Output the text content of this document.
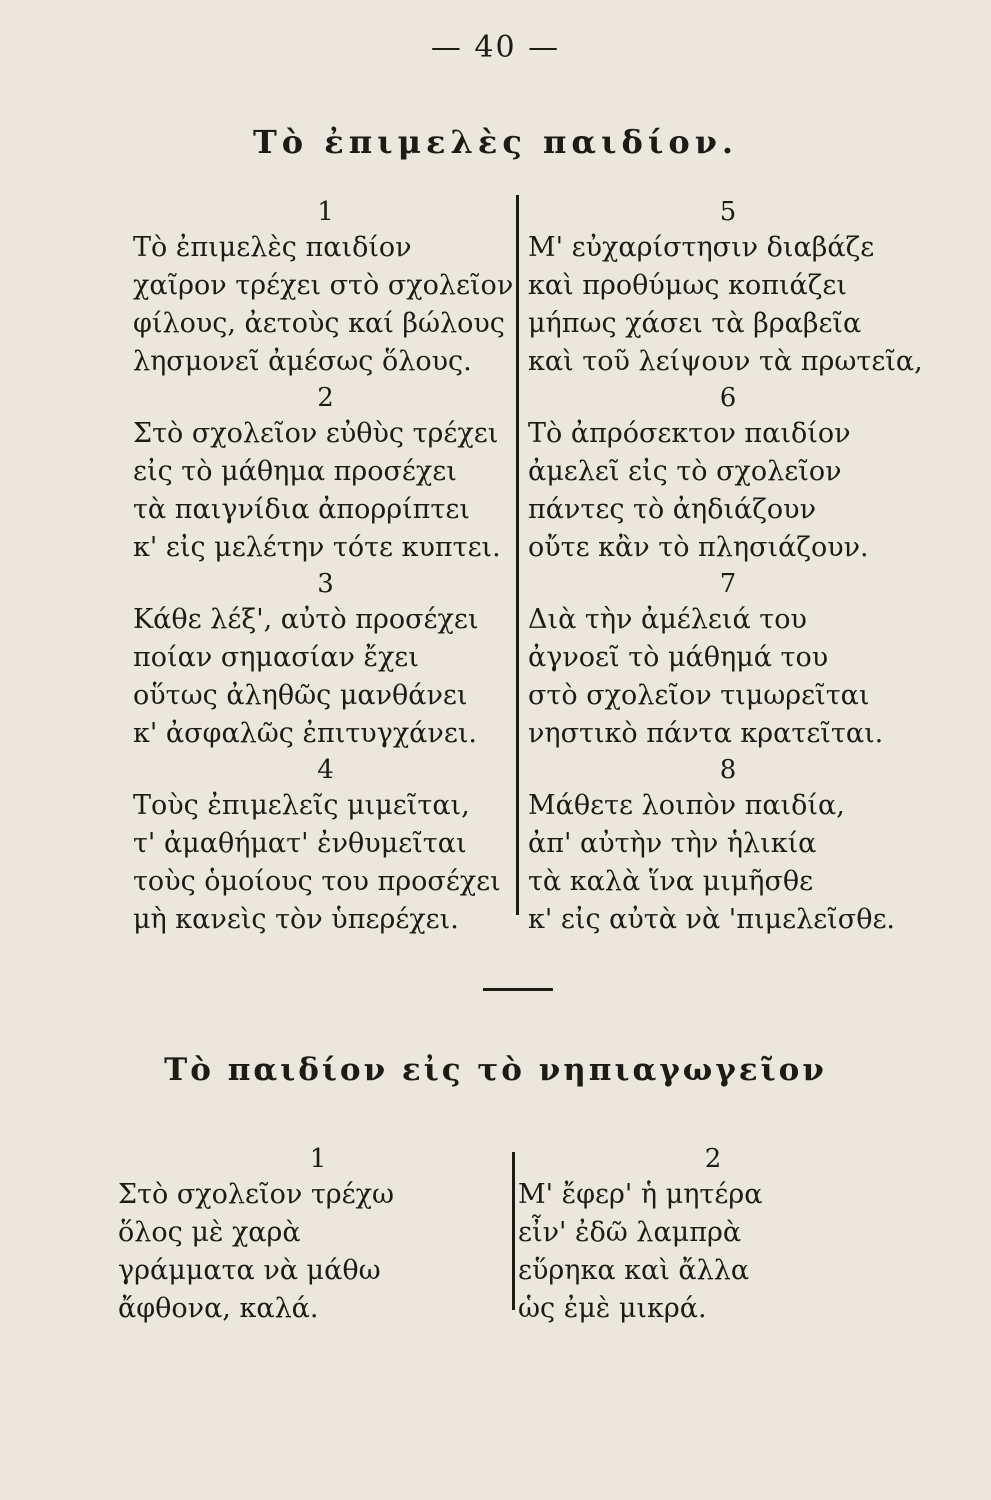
— 40 —
Τὸ ἐπιμελὲς παιδίον.
1
Τὸ ἐπιμελὲς παιδίον
χαῖρον τρέχει στὸ σχολεῖον
φίλους, ἀετοὺς καί βώλους
λησμονεῖ ἀμέσως ὅλους.
2
Στὸ σχολεῖον εὐθὺς τρέχει
εἰς τὸ μάθημα προσέχει
τὰ παιγνίδια ἀπορρίπτει
κ' εἰς μελέτην τότε κυπτει.
3
Κάθε λέξ', αὐτὸ προσέχει
ποίαν σημασίαν ἔχει
οὕτως ἀληθῶς μανθάνει
κ' ἀσφαλῶς ἐπιτυγχάνει.
4
Τοὺς ἐπιμελεῖς μιμεῖται,
τ' ἀμαθήματ' ἐνθυμεῖται
τοὺς ὁμοίους του προσέχει
μὴ κανεὶς τὸν ὑπερέχει.
5
Μ' εὐχαρίστησιν διαβάζε
καὶ προθύμως κοπιάζει
μήπως χάσει τὰ βραβεῖα
καὶ τοῦ λείψουν τὰ πρωτεῖα,
6
Τὸ ἀπρόσεκτον παιδίον
ἀμελεῖ εἰς τὸ σχολεῖον
πάντες τὸ ἀηδιάζουν
οὔτε κἂν τὸ πλησιάζουν.
7
Διὰ τὴν ἀμέλειά του
ἀγνοεῖ τὸ μάθημά του
στὸ σχολεῖον τιμωρεῖται
νηστικὸ πάντα κρατεῖται.
8
Μάθετε λοιπὸν παιδία,
ἀπ' αὐτὴν τὴν ἡλικία
τὰ καλὰ ἵνα μιμῆσθε
κ' εἰς αὐτὰ νὰ 'πιμελεῖσθε.
Τὸ παιδίον εἰς τὸ νηπιαγωγεῖον
1
Στὸ σχολεῖον τρέχω
ὅλος μὲ χαρὰ
γράμματα νὰ μάθω
ἄφθονα, καλά.
2
Μ' ἔφερ' ἡ μητέρα
εἶν' ἐδῶ λαμπρὰ
εὕρηκα καὶ ἄλλα
ὡς ἐμὲ μικρά.
